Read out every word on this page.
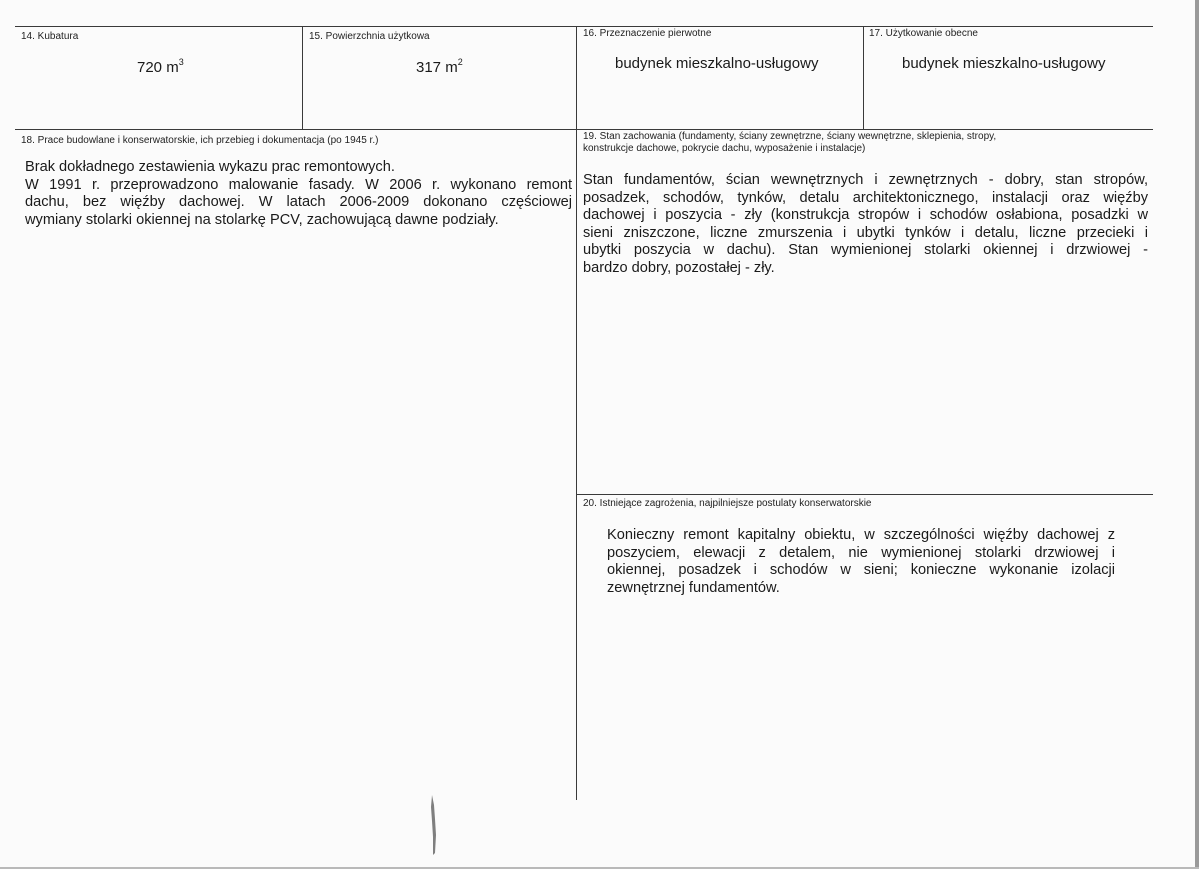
14. Kubatura
720 $m^3$
15. Powierzchnia użytkowa
317 $m^2$
16. Przeznaczenie pierwotne
budynek mieszkalno-usługowy
17. Użytkowanie obecne
budynek mieszkalno-usługowy
18. Prace budowlane i konserwatorskie, ich przebieg i dokumentacja (po 1945 r.)
Brak dokładnego zestawienia wykazu prac remontowych.
W 1991 r. przeprowadzono malowanie fasady. W 2006 r. wykonano remont
dachu, bez więźby dachowej. W latach 2006-2009 dokonano częściowej
wymiany stolarki okiennej na stolarkę PCV, zachowującą dawne podziały.
19. Stan zachowania (fundamenty, ściany zewnętrzne, ściany wewnętrzne, sklepienia, stropy,
konstrukcje dachowe, pokrycie dachu, wyposażenie i instalacje)
Stan fundamentów, ścian wewnętrznych i zewnętrznych - dobry, stan stropów,
posadzek, schodów, tynków, detalu architektonicznego, instalacji oraz więźby
dachowej i poszycia - zły (konstrukcja stropów i schodów osłabiona, posadzki w
sieni zniszczone, liczne zmurszenia i ubytki tynków i detalu, liczne przecieki i
ubytki poszycia w dachu). Stan wymienionej stolarki okiennej i drzwiowej -
bardzo dobry, pozostałej - zły.
20. Istniejące zagrożenia, najpilniejsze postulaty konserwatorskie
Konieczny remont kapitalny obiektu, w szczególności więźby dachowej z
poszyciem, elewacji z detalem, nie wymienionej stolarki drzwiowej i
okiennej, posadzek i schodów w sieni; konieczne wykonanie izolacji
zewnętrznej fundamentów.
